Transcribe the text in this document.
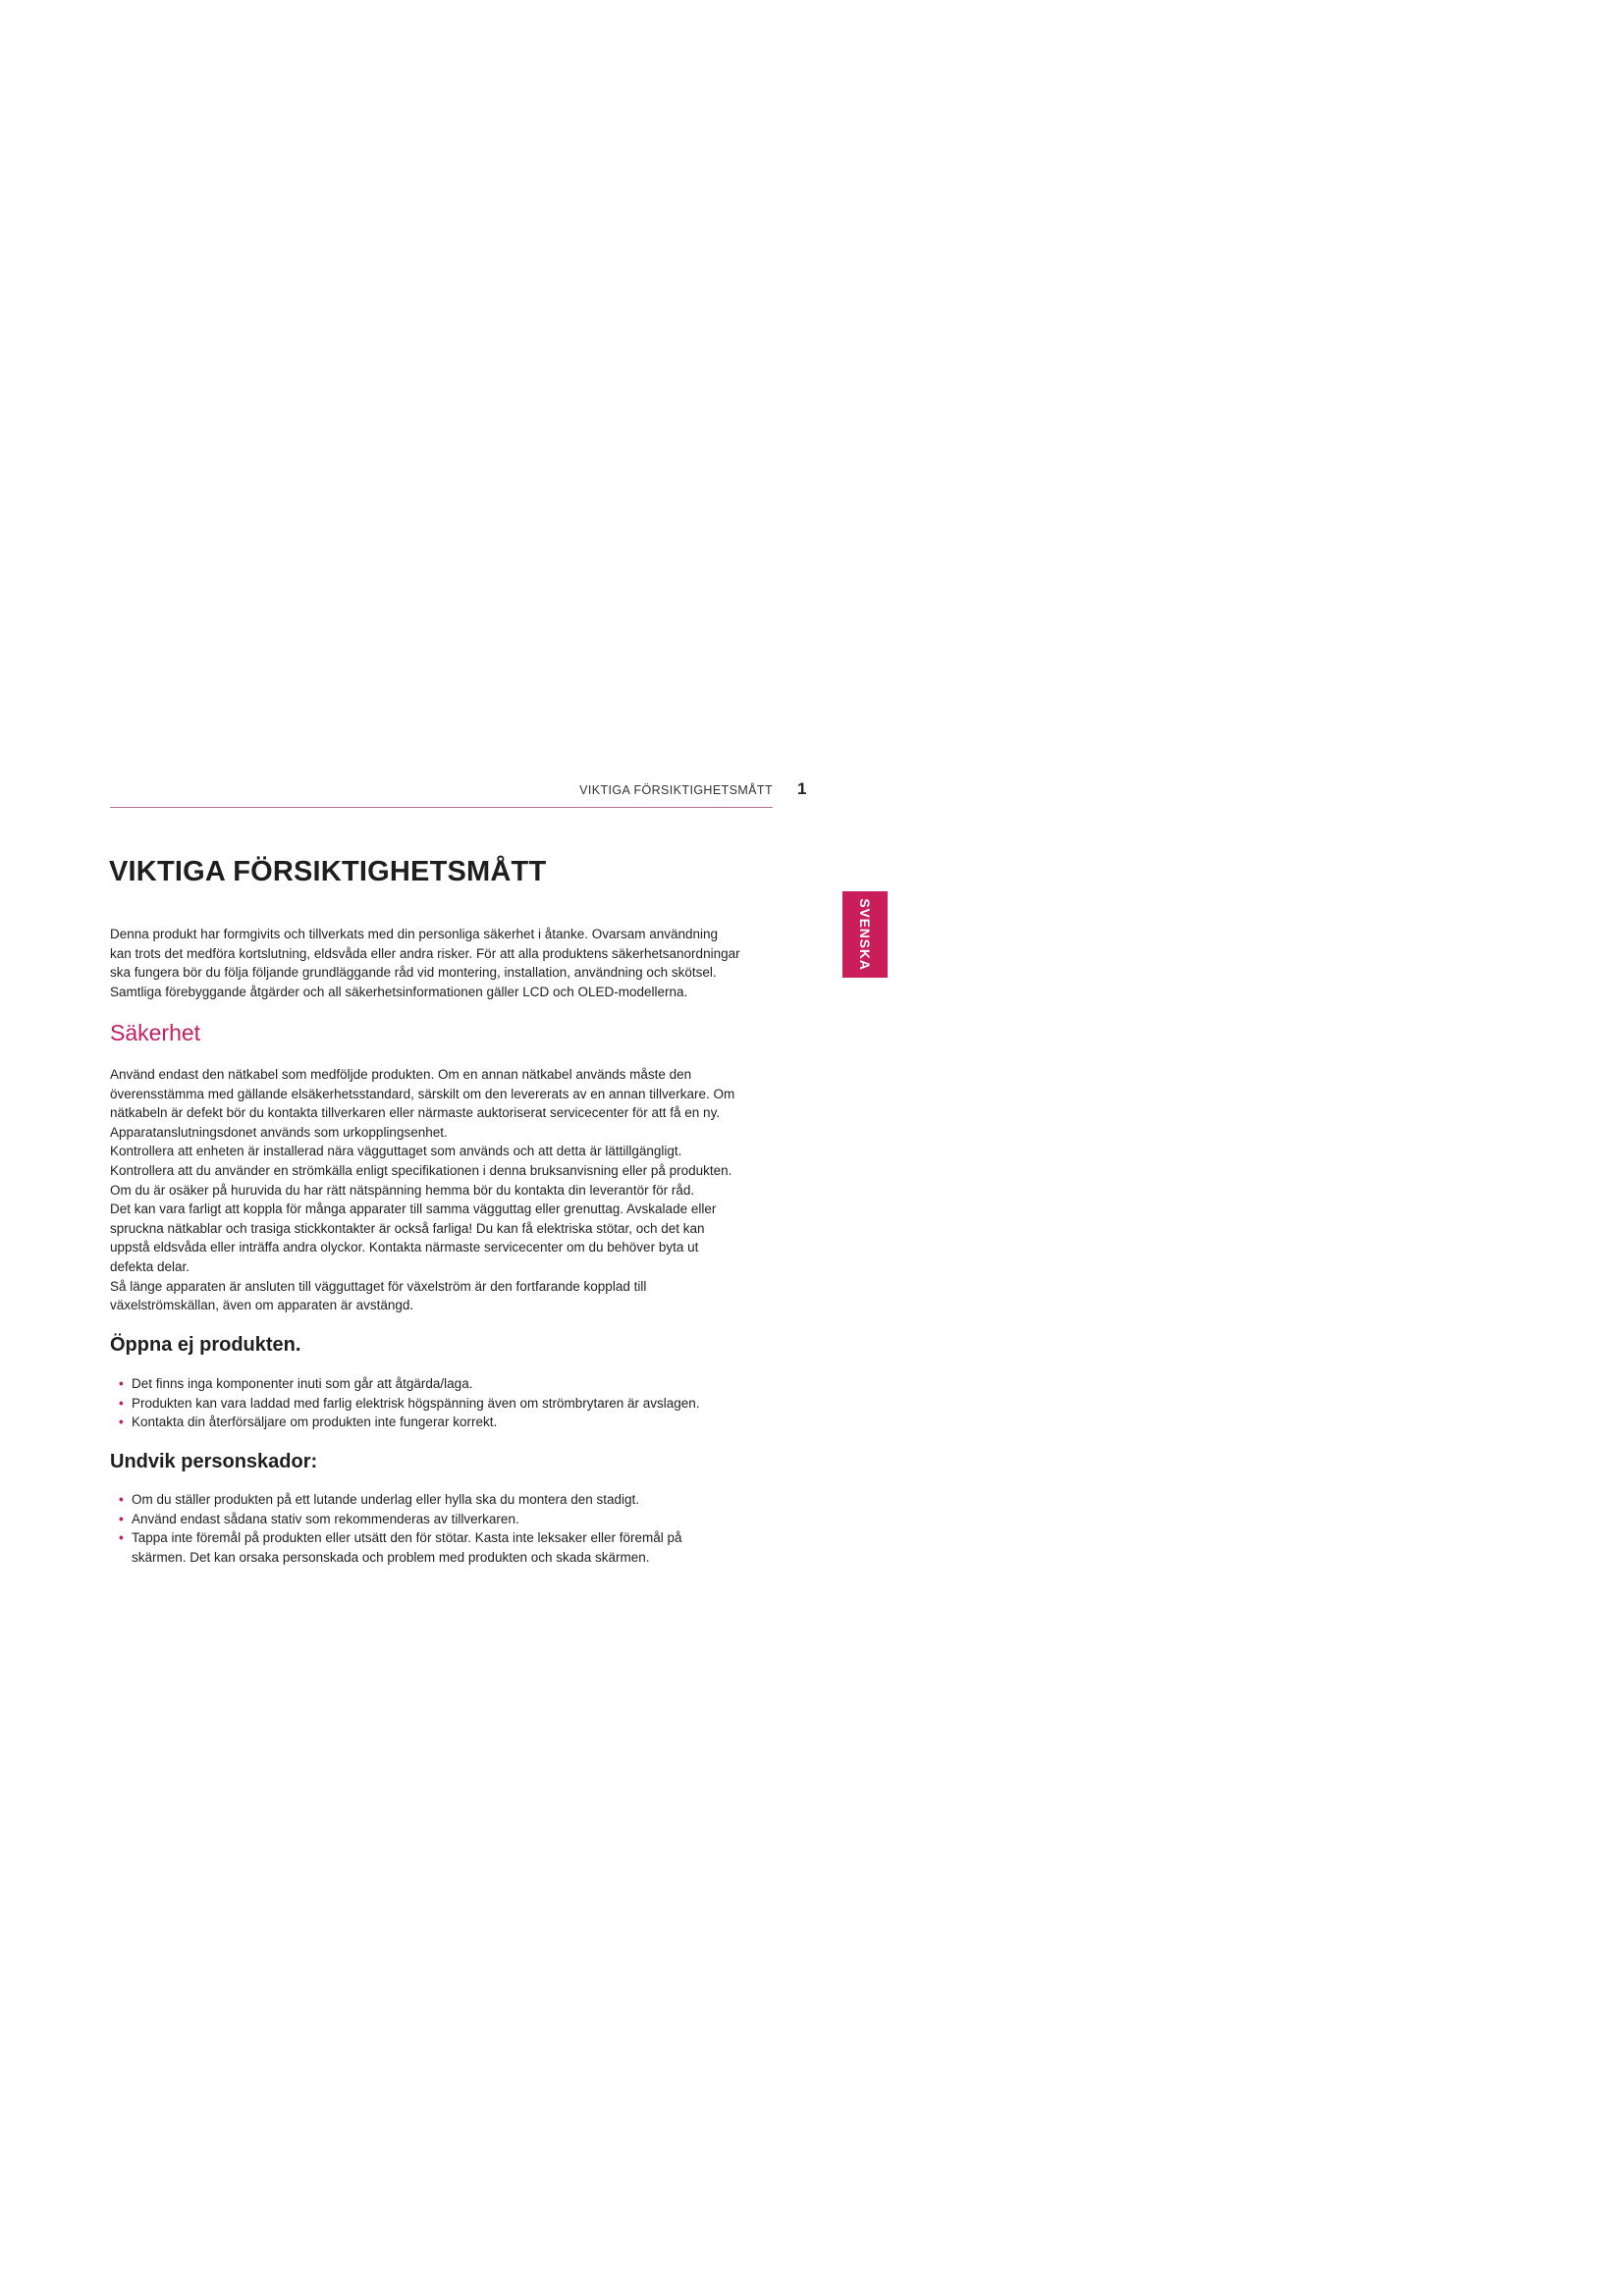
VIKTIGA FÖRSIKTIGHETSMÅTT 1
VIKTIGA FÖRSIKTIGHETSMÅTT
SVENSKA

Denna produkt har formgivits och tillverkats med din personliga säkerhet i åtanke. Ovarsam användning

kan trots det medföra kortslutning, eldsvåda eller andra risker. För att alla produktens säkerhetsanordningar

ska fungera bör du följa följande grundläggande råd vid montering, installation, användning och skötsel.

Samtliga förebyggande åtgärder och all säkerhetsinformationen gäller LCD och OLED-modellerna.

Säkerhet

Använd endast den nätkabel som medföljde produkten. Om en annan nätkabel används måste den

överensstämma med gällande elsäkerhetsstandard, särskilt om den levererats av en annan tillverkare. Om

nätkabeln är defekt bör du kontakta tillverkaren eller närmaste auktoriserat servicecenter för att få en ny.

Apparatanslutningsdonet används som urkopplingsenhet.

Kontrollera att enheten är installerad nära vägguttaget som används och att detta är lättillgängligt.

Kontrollera att du använder en strömkälla enligt specifikationen i denna bruksanvisning eller på produkten.

Om du är osäker på huruvida du har rätt nätspänning hemma bör du kontakta din leverantör för råd.

Det kan vara farligt att koppla för många apparater till samma vägguttag eller grenuttag. Avskalade eller

spruckna nätkablar och trasiga stickkontakter är också farliga! Du kan få elektriska stötar, och det kan

uppstå eldsvåda eller inträffa andra olyckor. Kontakta närmaste servicecenter om du behöver byta ut

defekta delar.

Så länge apparaten är ansluten till vägguttaget för växelström är den fortfarande kopplad till

växelströmskällan, även om apparaten är avstängd.

Öppna ej produkten.
• Det finns inga komponenter inuti som går att åtgärda/laga.
• Produkten kan vara laddad med farlig elektrisk högspänning även om strömbrytaren är avslagen.
• Kontakta din återförsäljare om produkten inte fungerar korrekt.
Undvik personskador:
• Om du ställer produkten på ett lutande underlag eller hylla ska du montera den stadigt.
• Använd endast sådana stativ som rekommenderas av tillverkaren.
• Tappa inte föremål på produkten eller utsätt den för stötar. Kasta inte leksaker eller föremål på
skärmen. Det kan orsaka personskada och problem med produkten och skada skärmen.
